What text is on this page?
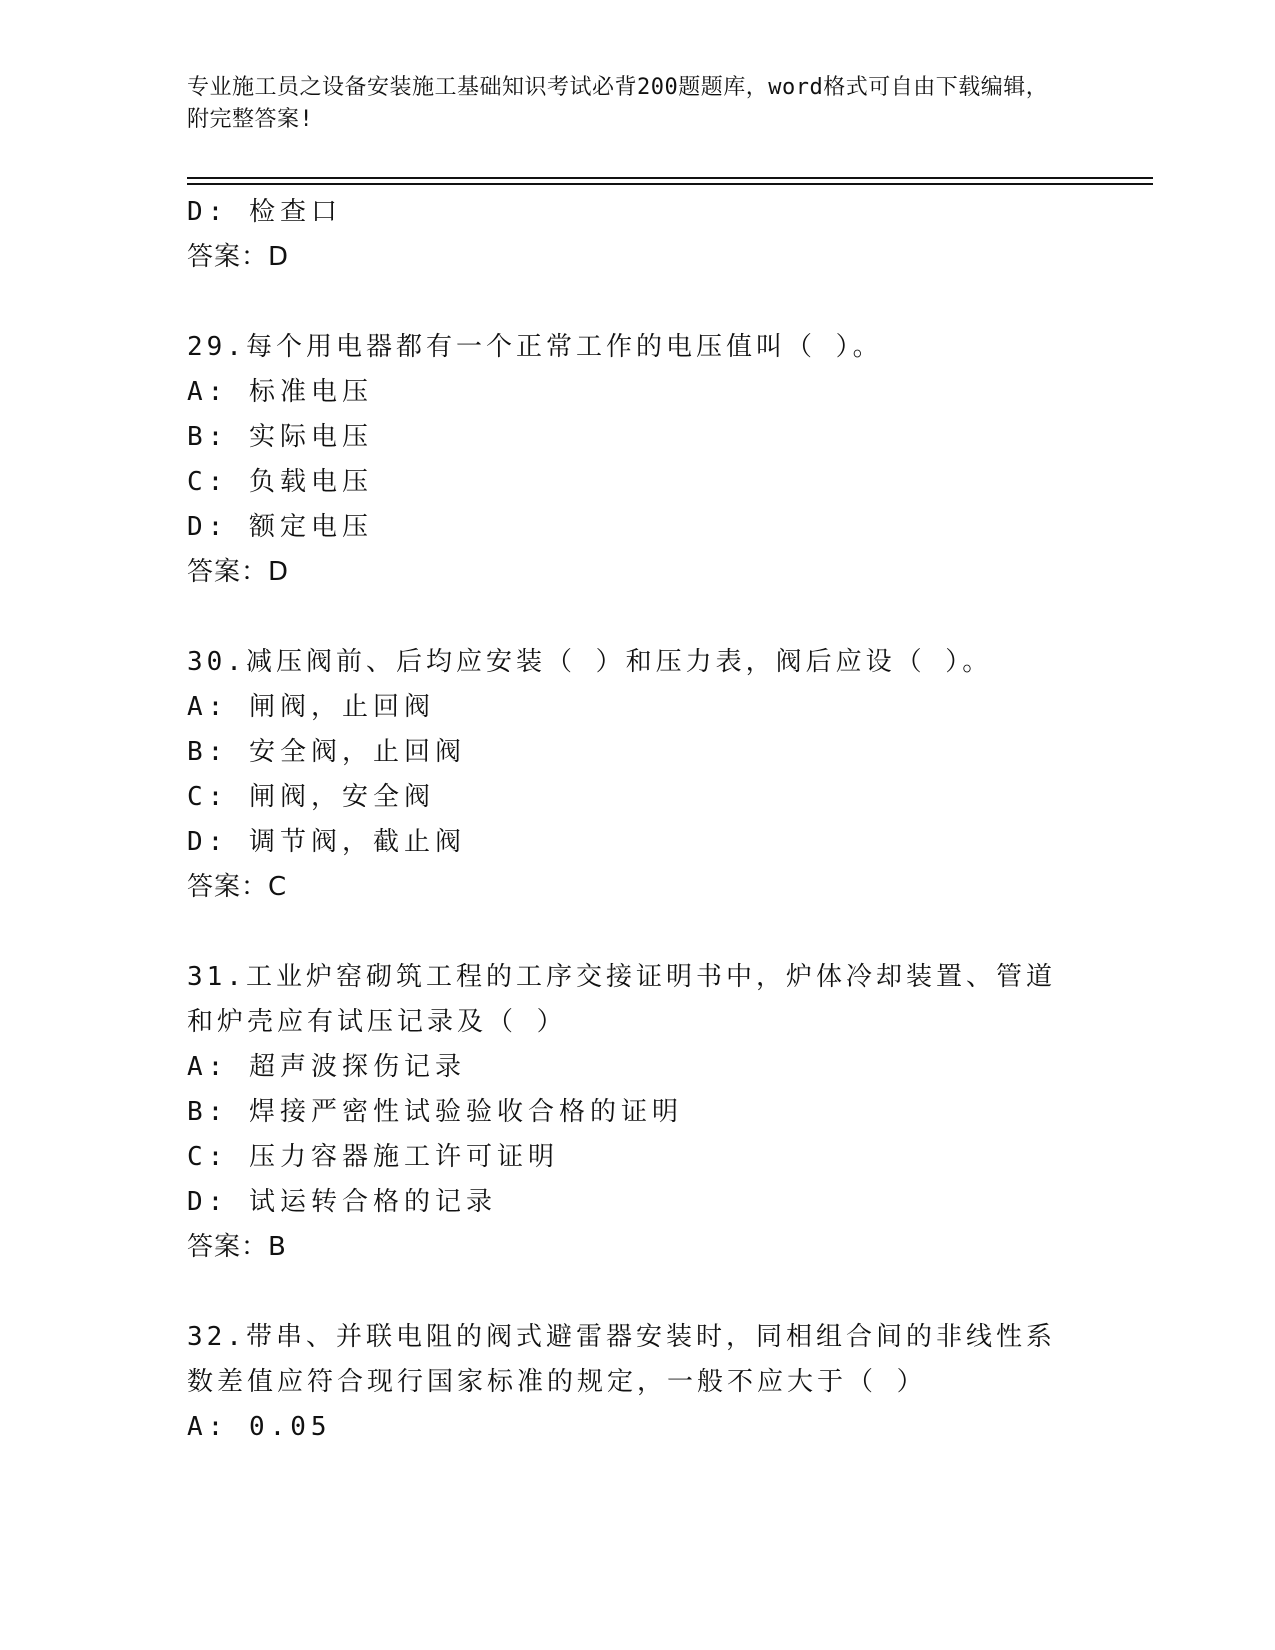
专业施工员之设备安装施工基础知识考试必背200题题库，word格式可自由下载编辑，附完整答案!
D: 检查口
答案：D
29.每个用电器都有一个正常工作的电压值叫（ ）。
A: 标准电压
B: 实际电压
C: 负载电压
D: 额定电压
答案：D
30.减压阀前、后均应安装（ ）和压力表，阀后应设（ ）。
A: 闸阀，止回阀
B: 安全阀，止回阀
C: 闸阀，安全阀
D: 调节阀，截止阀
答案：C
31.工业炉窑砌筑工程的工序交接证明书中，炉体冷却装置、管道和炉壳应有试压记录及（ ）
A: 超声波探伤记录
B: 焊接严密性试验验收合格的证明
C: 压力容器施工许可证明
D: 试运转合格的记录
答案：B
32.带串、并联电阻的阀式避雷器安装时，同相组合间的非线性系数差值应符合现行国家标准的规定，一般不应大于（ ）
A: 0.05
